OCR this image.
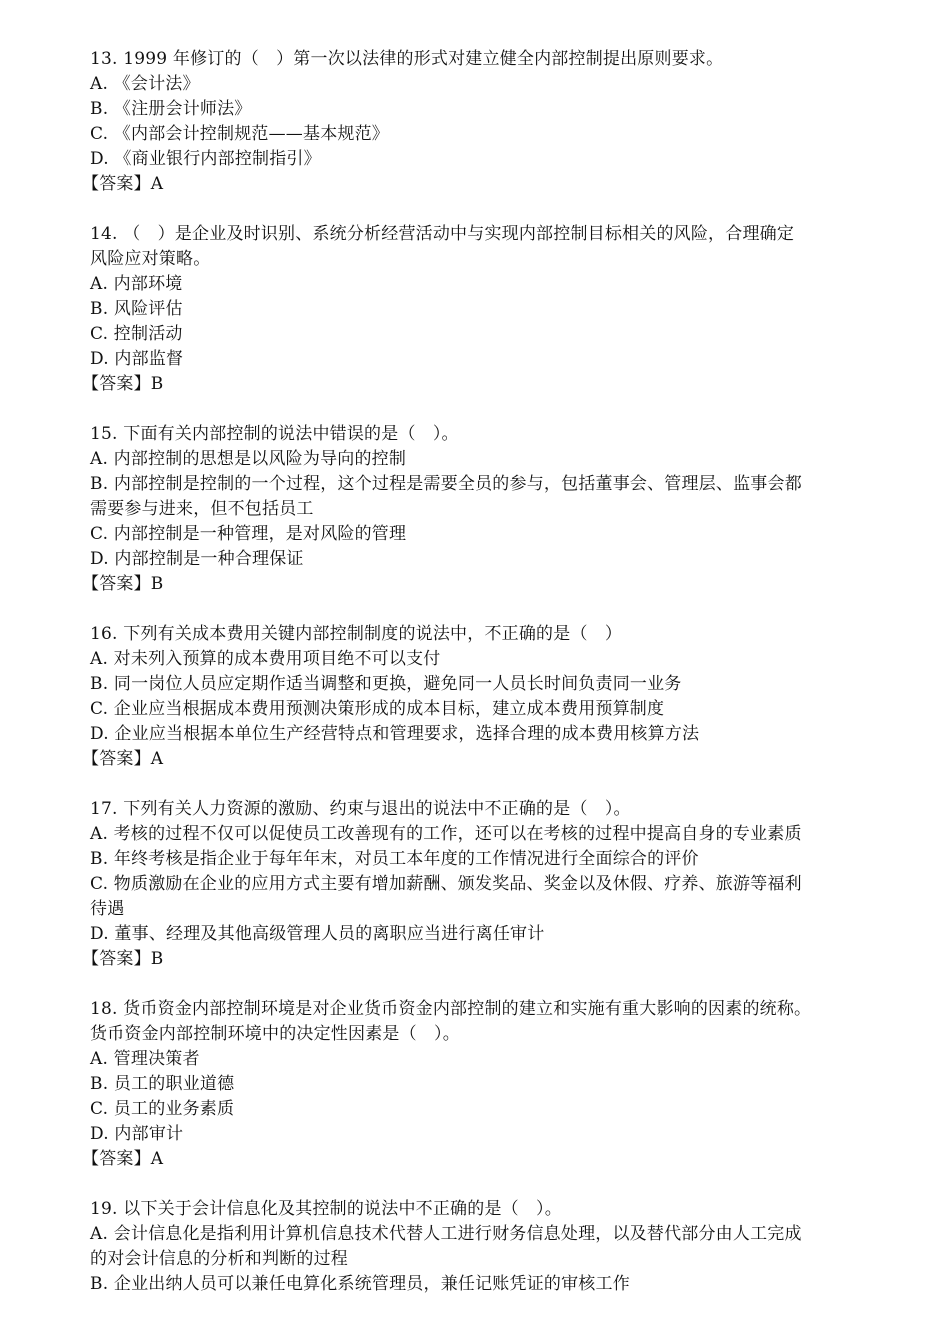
13. 1999 年修订的（　）第一次以法律的形式对建立健全内部控制提出原则要求。
A. 《会计法》
B. 《注册会计师法》
C. 《内部会计控制规范——基本规范》
D. 《商业银行内部控制指引》
【答案】A
14. （　）是企业及时识别、系统分析经营活动中与实现内部控制目标相关的风险，合理确定
风险应对策略。
A. 内部环境
B. 风险评估
C. 控制活动
D. 内部监督
【答案】B
15. 下面有关内部控制的说法中错误的是（　）。
A. 内部控制的思想是以风险为导向的控制
B. 内部控制是控制的一个过程，这个过程是需要全员的参与，包括董事会、管理层、监事会都
需要参与进来，但不包括员工
C. 内部控制是一种管理，是对风险的管理
D. 内部控制是一种合理保证
【答案】B
16. 下列有关成本费用关键内部控制制度的说法中，不正确的是（　）
A. 对未列入预算的成本费用项目绝不可以支付
B. 同一岗位人员应定期作适当调整和更换，避免同一人员长时间负责同一业务
C. 企业应当根据成本费用预测决策形成的成本目标，建立成本费用预算制度
D. 企业应当根据本单位生产经营特点和管理要求，选择合理的成本费用核算方法
【答案】A
17. 下列有关人力资源的激励、约束与退出的说法中不正确的是（　）。
A. 考核的过程不仅可以促使员工改善现有的工作，还可以在考核的过程中提高自身的专业素质
B. 年终考核是指企业于每年年末，对员工本年度的工作情况进行全面综合的评价
C. 物质激励在企业的应用方式主要有增加薪酬、颁发奖品、奖金以及休假、疗养、旅游等福利
待遇
D. 董事、经理及其他高级管理人员的离职应当进行离任审计
【答案】B
18. 货币资金内部控制环境是对企业货币资金内部控制的建立和实施有重大影响的因素的统称。
货币资金内部控制环境中的决定性因素是（　）。
A. 管理决策者
B. 员工的职业道德
C. 员工的业务素质
D. 内部审计
【答案】A
19. 以下关于会计信息化及其控制的说法中不正确的是（　）。
A. 会计信息化是指利用计算机信息技术代替人工进行财务信息处理，以及替代部分由人工完成
的对会计信息的分析和判断的过程
B. 企业出纳人员可以兼任电算化系统管理员，兼任记账凭证的审核工作
